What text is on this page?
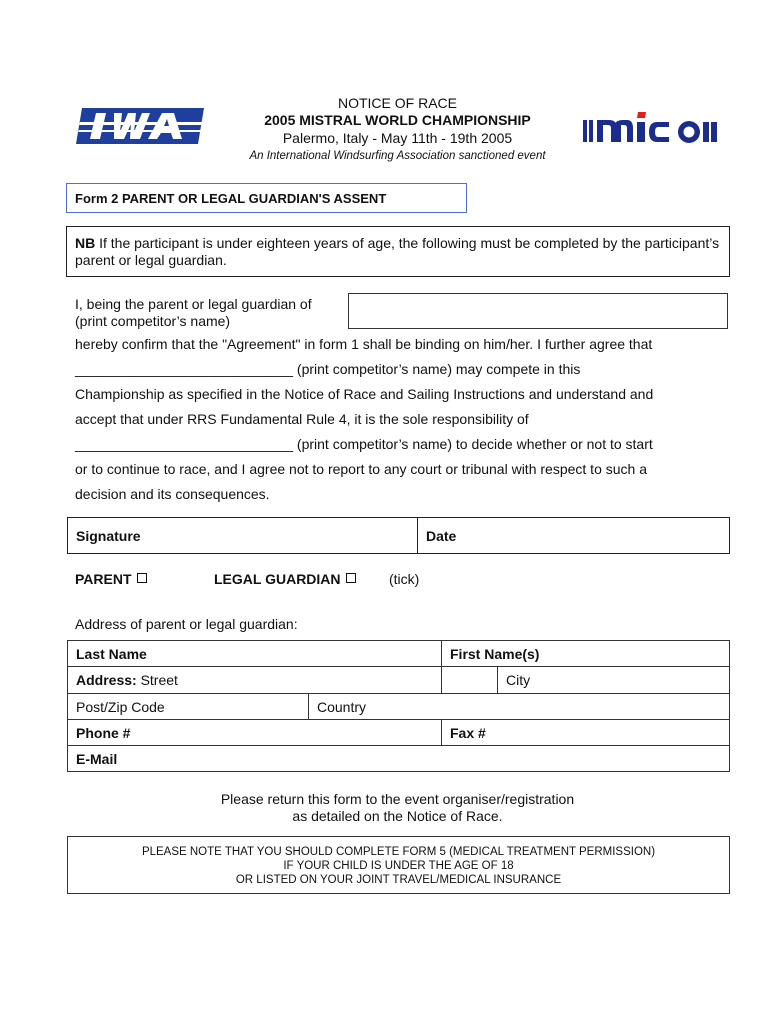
NOTICE OF RACE
2005 MISTRAL WORLD CHAMPIONSHIP
Palermo, Italy - May 11th - 19th 2005
An International Windsurfing Association sanctioned event
Form 2 PARENT OR LEGAL GUARDIAN'S ASSENT
NB If the participant is under eighteen years of age, the following must be completed by the participant’s parent or legal guardian.
I, being the parent or legal guardian of
(print competitor’s name)
hereby confirm that the "Agreement" in form 1 shall be binding on him/her. I further agree that
____________________________ (print competitor’s name) may compete in this
Championship as specified in the Notice of Race and Sailing Instructions and understand and
accept that under RRS Fundamental Rule 4, it is the sole responsibility of
____________________________ (print competitor’s name) to decide whether or not to start
or to continue to race, and I agree not to report to any court or tribunal with respect to such a
decision and its consequences.
Signature	Date
PARENT	LEGAL GUARDIAN	(tick)
Address of parent or legal guardian:
Last Name		First Name(s)
Address: Street		City

Post/Zip Code	Country	
Phone #		Fax #
E-Mail		
Please return this form to the event organiser/registration
as detailed on the Notice of Race.
PLEASE NOTE THAT YOU SHOULD COMPLETE FORM 5 (MEDICAL TREATMENT PERMISSION)
IF YOUR CHILD IS UNDER THE AGE OF 18
OR LISTED ON YOUR JOINT TRAVEL/MEDICAL INSURANCE
